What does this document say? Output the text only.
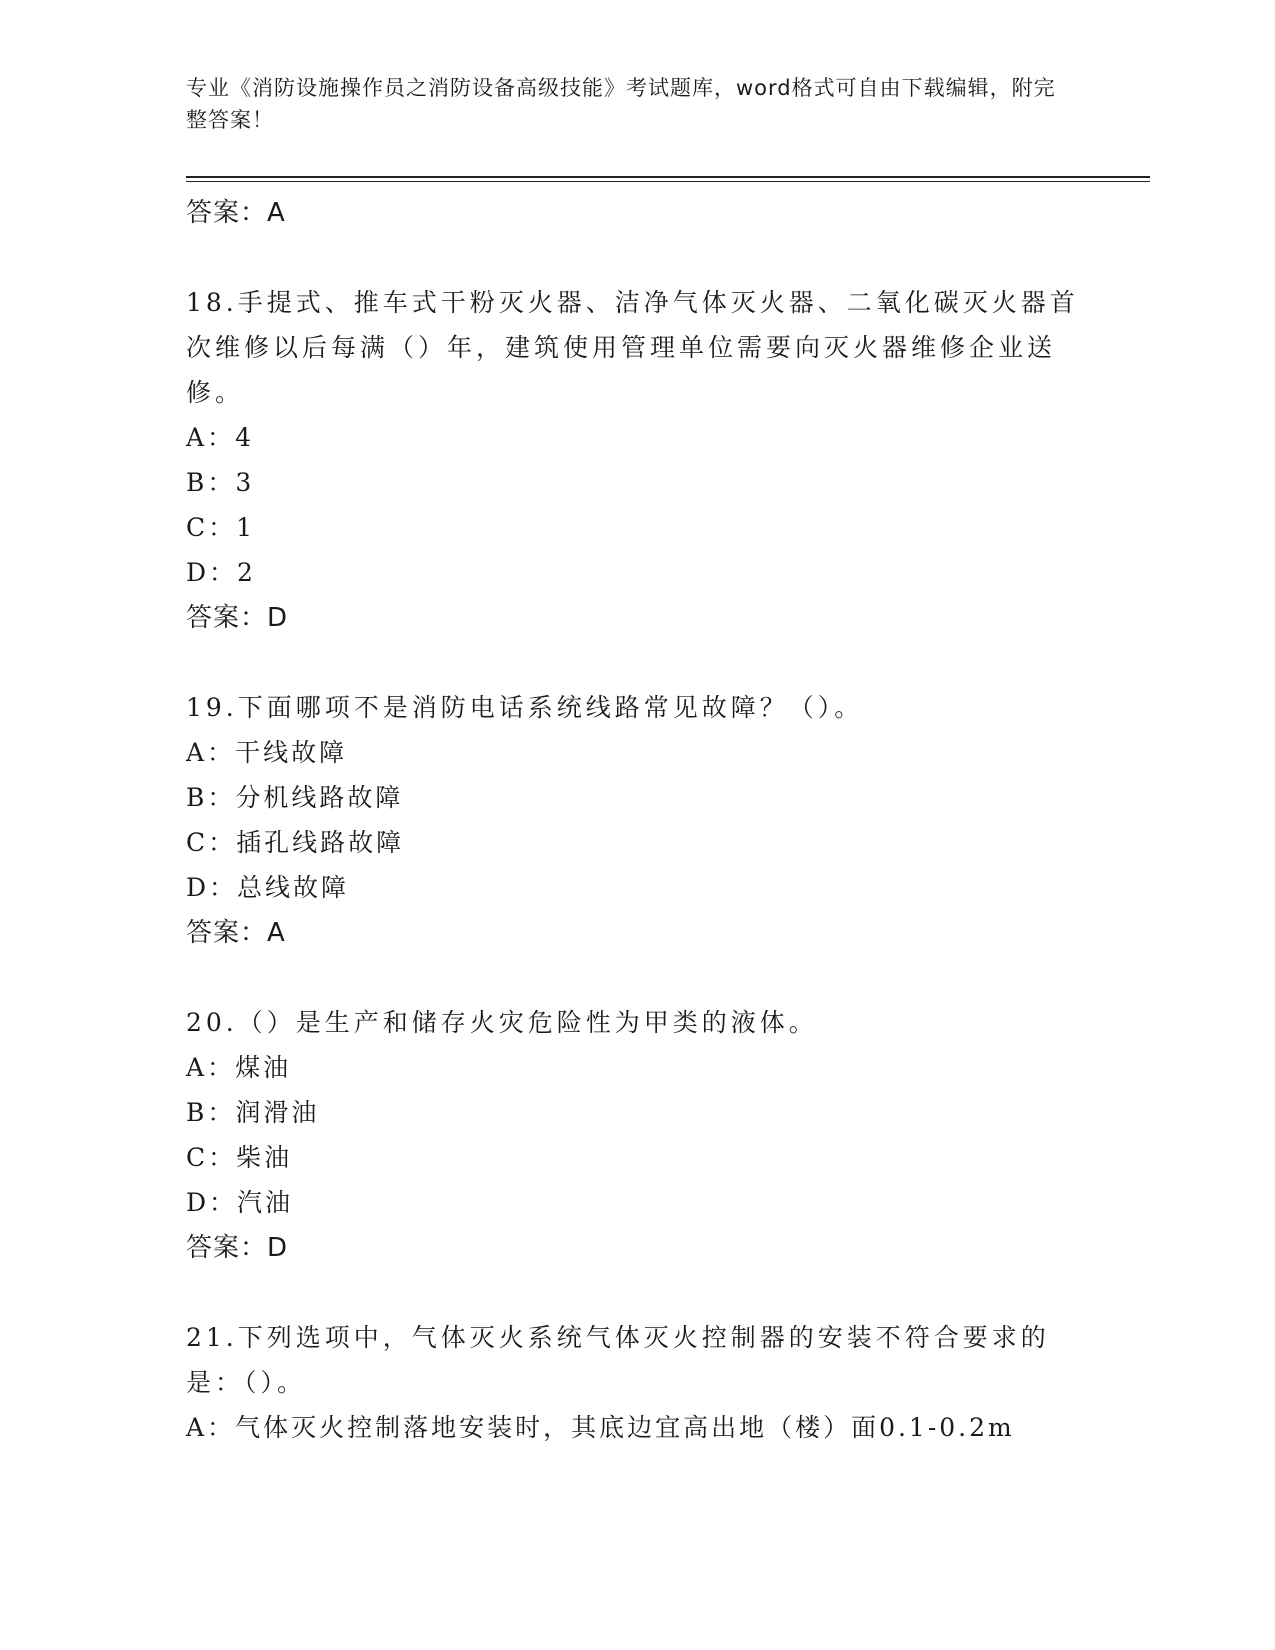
专业《消防设施操作员之消防设备高级技能》考试题库，word格式可自由下载编辑，附完整答案！

答案：A

18.手提式、推车式干粉灭火器、洁净气体灭火器、二氧化碳灭火器首次维修以后每满（）年，建筑使用管理单位需要向灭火器维修企业送修。

A：4

B：3

C：1

D：2

答案：D

19.下面哪项不是消防电话系统线路常见故障？（）。

A：干线故障

B：分机线路故障

C：插孔线路故障

D：总线故障

答案：A

20.（）是生产和储存火灾危险性为甲类的液体。

A：煤油

B：润滑油

C：柴油

D：汽油

答案：D

21.下列选项中，气体灭火系统气体灭火控制器的安装不符合要求的是：（）。

A：气体灭火控制落地安装时，其底边宜高出地（楼）面0.1-0.2m
